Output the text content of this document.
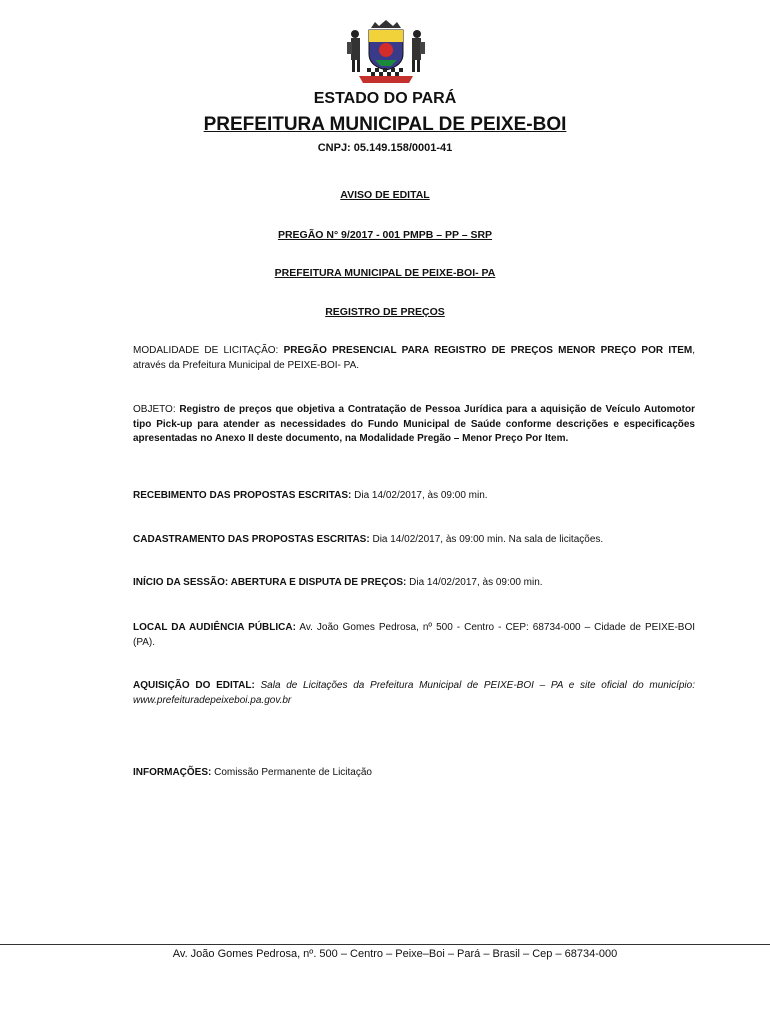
ESTADO DO PARÁ
PREFEITURA MUNICIPAL DE PEIXE-BOI
CNPJ: 05.149.158/0001-41
AVISO DE EDITAL
PREGÃO N° 9/2017 - 001 PMPB – PP – SRP
PREFEITURA MUNICIPAL DE PEIXE-BOI- PA
REGISTRO DE PREÇOS
MODALIDADE DE LICITAÇÃO: PREGÃO PRESENCIAL PARA REGISTRO DE PREÇOS MENOR PREÇO POR ITEM, através da Prefeitura Municipal de PEIXE-BOI- PA.
OBJETO: Registro de preços que objetiva a Contratação de Pessoa Jurídica para a aquisição de Veículo Automotor tipo Pick-up para atender as necessidades do Fundo Municipal de Saúde conforme descrições e especificações apresentadas no Anexo II deste documento, na Modalidade Pregão – Menor Preço Por Item.
RECEBIMENTO DAS PROPOSTAS ESCRITAS: Dia 14/02/2017, às 09:00 min.
CADASTRAMENTO DAS PROPOSTAS ESCRITAS: Dia 14/02/2017, às 09:00 min. Na sala de licitações.
INÍCIO DA SESSÃO: ABERTURA E DISPUTA DE PREÇOS: Dia 14/02/2017, às 09:00 min.
LOCAL DA AUDIÊNCIA PÚBLICA: Av. João Gomes Pedrosa, nº 500 - Centro - CEP: 68734-000 – Cidade de PEIXE-BOI (PA).
AQUISIÇÃO DO EDITAL: Sala de Licitações da Prefeitura Municipal de PEIXE-BOI – PA e site oficial do município: www.prefeituradepeixeboi.pa.gov.br
INFORMAÇÕES: Comissão Permanente de Licitação
Av. João Gomes Pedrosa, nº. 500 – Centro – Peixe–Boi – Pará – Brasil – Cep – 68734-000
